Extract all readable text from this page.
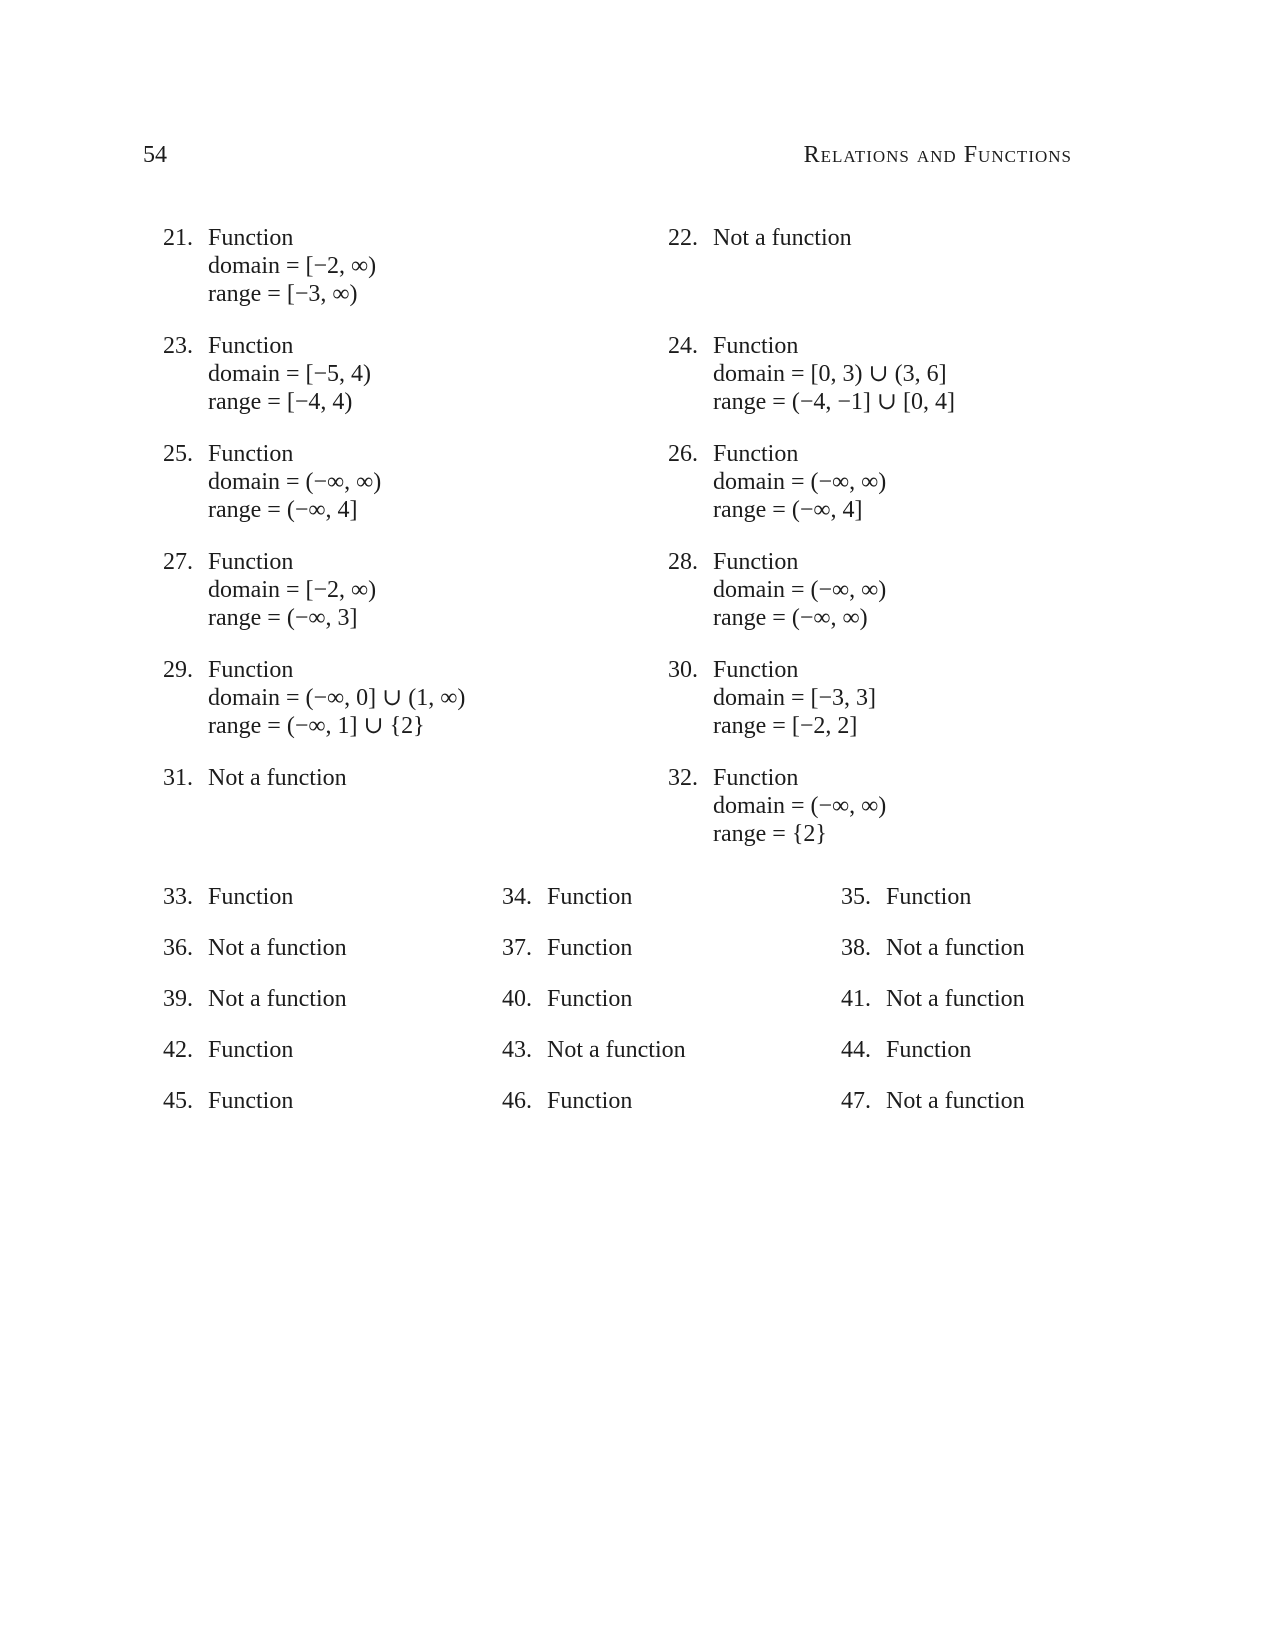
54	Relations and Functions
21. Function
domain = [−2, ∞)
range = [−3, ∞)
22. Not a function
23. Function
domain = [−5, 4)
range = [−4, 4)
24. Function
domain = [0, 3) ∪ (3, 6]
range = (−4, −1] ∪ [0, 4]
25. Function
domain = (−∞, ∞)
range = (−∞, 4]
26. Function
domain = (−∞, ∞)
range = (−∞, 4]
27. Function
domain = [−2, ∞)
range = (−∞, 3]
28. Function
domain = (−∞, ∞)
range = (−∞, ∞)
29. Function
domain = (−∞, 0] ∪ (1, ∞)
range = (−∞, 1] ∪ {2}
30. Function
domain = [−3, 3]
range = [−2, 2]
31. Not a function	32. Function
domain = (−∞, ∞)
range = {2}
33. Function	34. Function	35. Function
36. Not a function	37. Function	38. Not a function
39. Not a function	40. Function	41. Not a function
42. Function	43. Not a function	44. Function
45. Function	46. Function	47. Not a function
